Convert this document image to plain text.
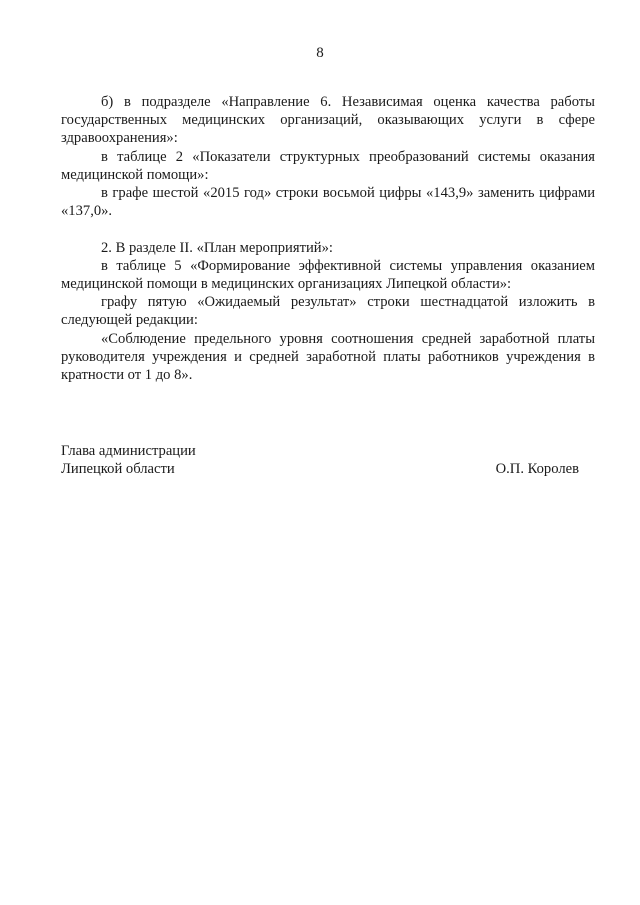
8

б) в подразделе «Направление 6. Независимая оценка качества работы государственных медицинских организаций, оказывающих услуги в сфере здравоохранения»:

в таблице 2 «Показатели структурных преобразований системы оказания медицинской помощи»:

в графе шестой «2015 год» строки восьмой цифры «143,9» заменить цифрами «137,0».

2. В разделе II. «План мероприятий»:

в таблице 5 «Формирование эффективной системы управления оказанием медицинской помощи в медицинских организациях Липецкой области»:

графу пятую «Ожидаемый результат» строки шестнадцатой изложить в следующей редакции:

«Соблюдение предельного уровня соотношения средней заработной платы руководителя учреждения и средней заработной платы работников учреждения в кратности от 1 до 8».

Глава администрации
Липецкой области	О.П. Королев
